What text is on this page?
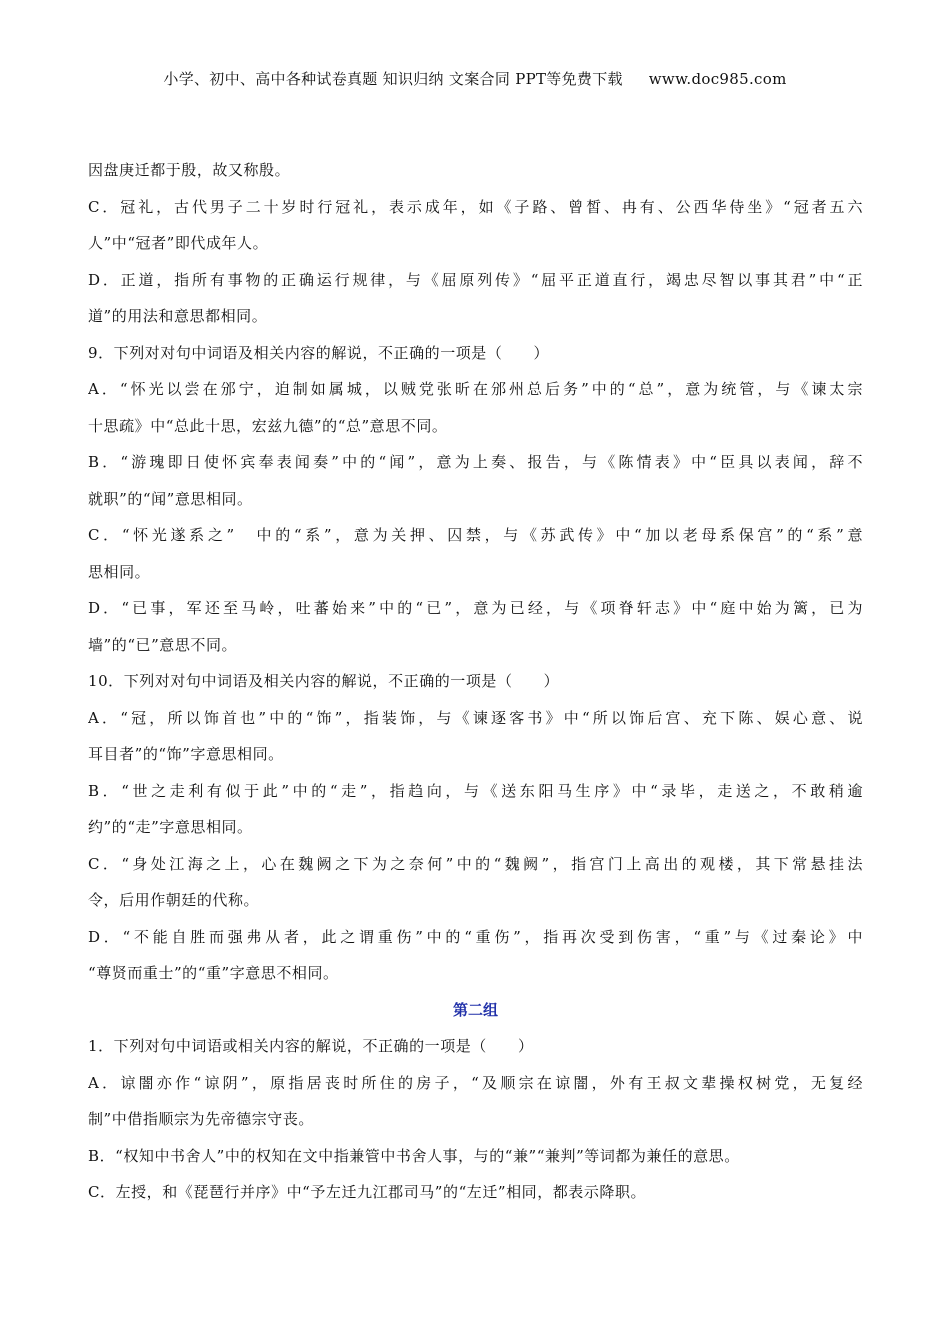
小学、初中、高中各种试卷真题 知识归纳 文案合同 PPT等免费下载 www.doc985.com
因盘庚迁都于殷，故又称殷。
C．冠礼，古代男子二十岁时行冠礼，表示成年，如《子路、曾皙、冉有、公西华侍坐》“冠者五六
人”中“冠者”即代成年人。
D．正道，指所有事物的正确运行规律，与《屈原列传》“屈平正道直行，竭忠尽智以事其君”中“正
道”的用法和意思都相同。
9．下列对对句中词语及相关内容的解说，不正确的一项是（　　）
A．“怀光以尝在邠宁，迫制如属城，以贼党张昕在邠州总后务”中的“总”，意为统管，与《谏太宗
十思疏》中“总此十思，宏兹九德”的“总”意思不同。
B．“游瑰即日使怀宾奉表闻奏”中的“闻”，意为上奏、报告，与《陈情表》中“臣具以表闻，辞不
就职”的“闻”意思相同。
C．“怀光遂系之”　中的“系”，意为关押、囚禁，与《苏武传》中“加以老母系保宫”的“系”意
思相同。
D．“已事，军还至马岭，吐蕃始来”中的“已”，意为已经，与《项脊轩志》中“庭中始为篱，已为
墙”的“已”意思不同。
10．下列对对句中词语及相关内容的解说，不正确的一项是（　　）
A．“冠，所以饰首也”中的“饰”，指装饰，与《谏逐客书》中“所以饰后宫、充下陈、娱心意、说
耳目者”的“饰”字意思相同。
B．“世之走利有似于此”中的“走”，指趋向，与《送东阳马生序》中“录毕，走送之，不敢稍逾
约”的“走”字意思相同。
C．“身处江海之上，心在魏阙之下为之奈何”中的“魏阙”，指宫门上高出的观楼，其下常悬挂法
令，后用作朝廷的代称。
D．“不能自胜而强弗从者，此之谓重伤”中的“重伤”，指再次受到伤害，“重”与《过秦论》中
“尊贤而重士”的“重”字意思不相同。
第二组
1．下列对句中词语或相关内容的解说，不正确的一项是（　　）
A．谅闇亦作“谅阴”，原指居丧时所住的房子，“及顺宗在谅闇，外有王叔文辈操权树党，无复经
制”中借指顺宗为先帝德宗守丧。
B．“权知中书舍人”中的权知在文中指兼管中书舍人事，与的“兼”“兼判”等词都为兼任的意思。
C．左授，和《琵琶行并序》中“予左迁九江郡司马”的“左迁”相同，都表示降职。
